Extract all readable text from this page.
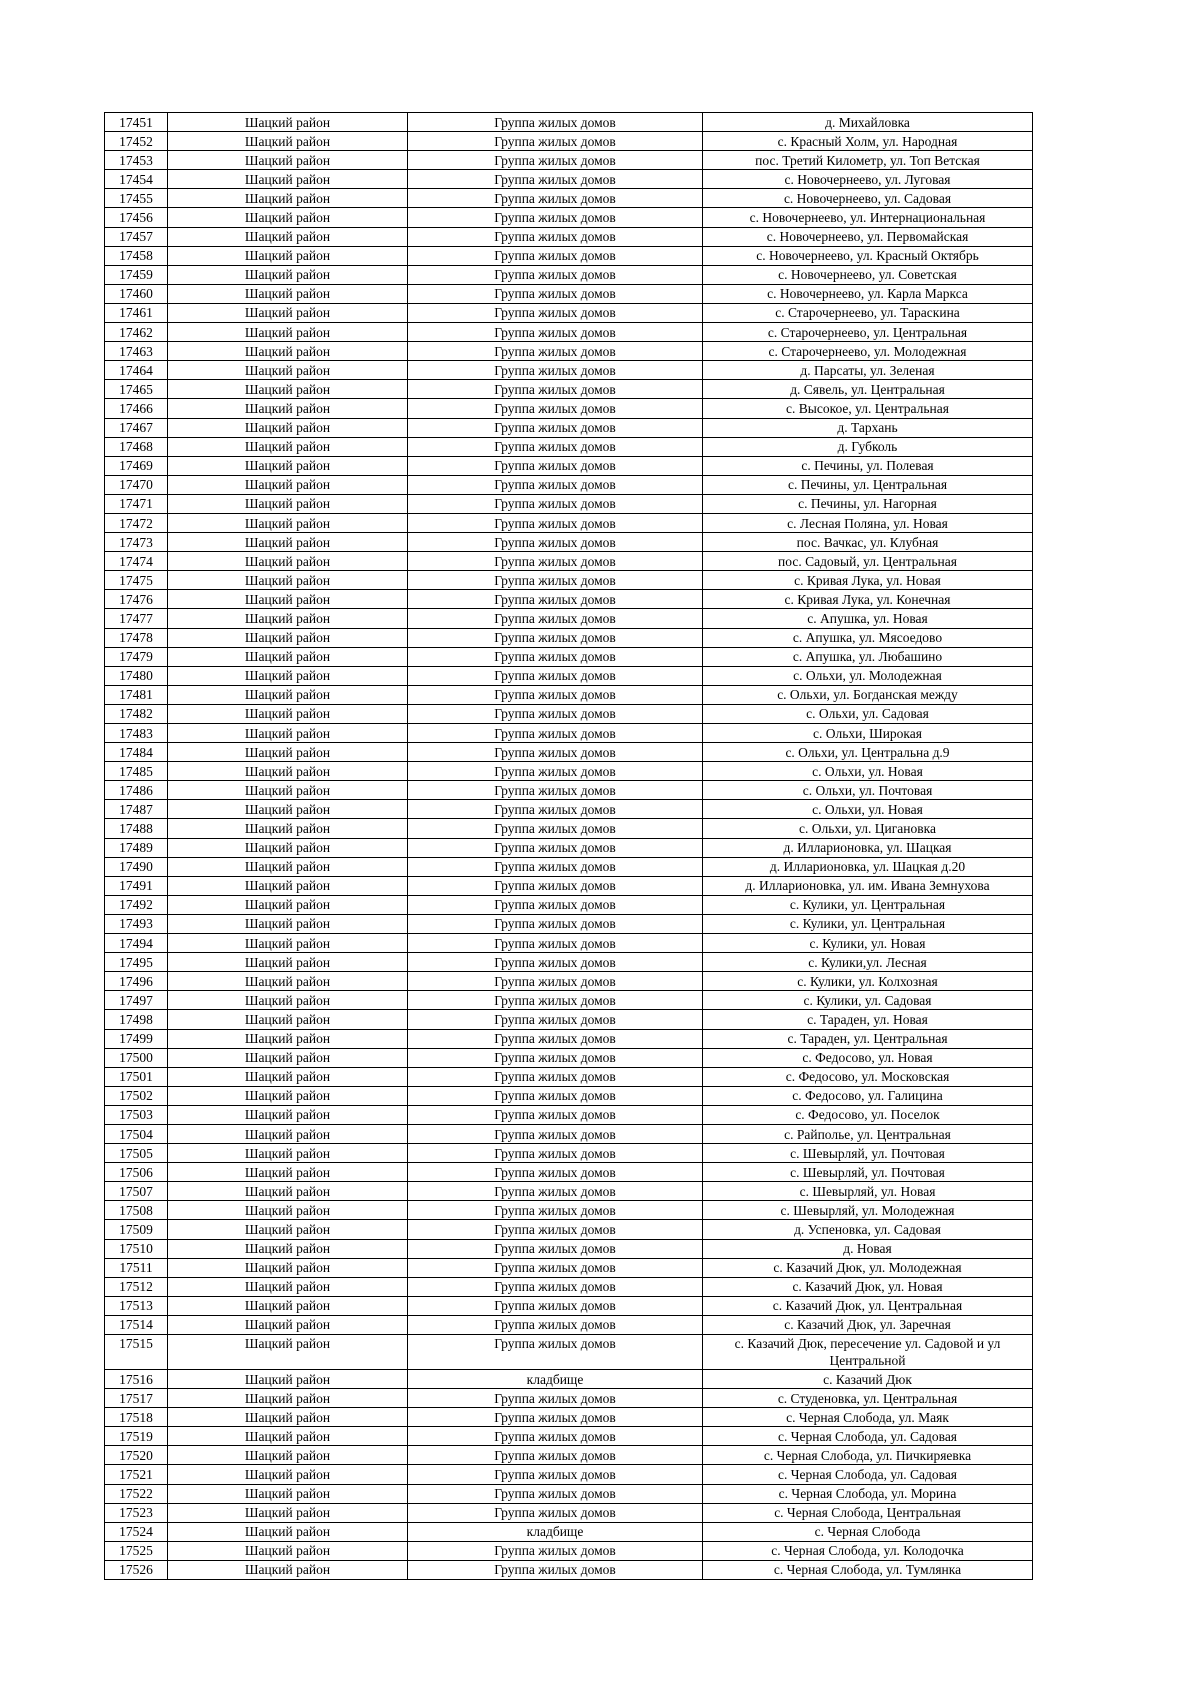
17451	Шацкий район	Группа жилых домов	д. Михайловка
17452	Шацкий район	Группа жилых домов	с. Красный Холм, ул. Народная
17453	Шацкий район	Группа жилых домов	пос. Третий Километр, ул. Топ Ветская
17454	Шацкий район	Группа жилых домов	с. Новочернеево, ул. Луговая
17455	Шацкий район	Группа жилых домов	с. Новочернеево, ул. Садовая
17456	Шацкий район	Группа жилых домов	с. Новочернеево, ул. Интернациональная
17457	Шацкий район	Группа жилых домов	с. Новочернеево, ул. Первомайская
17458	Шацкий район	Группа жилых домов	с. Новочернеево, ул. Красный Октябрь
17459	Шацкий район	Группа жилых домов	с. Новочернеево, ул. Советская
17460	Шацкий район	Группа жилых домов	с. Новочернеево, ул. Карла Маркса
17461	Шацкий район	Группа жилых домов	с. Старочернеево, ул. Тараскина
17462	Шацкий район	Группа жилых домов	с. Старочернеево, ул. Центральная
17463	Шацкий район	Группа жилых домов	с. Старочернеево, ул. Молодежная
17464	Шацкий район	Группа жилых домов	д. Парсаты, ул. Зеленая
17465	Шацкий район	Группа жилых домов	д. Сявель, ул. Центральная
17466	Шацкий район	Группа жилых домов	с. Высокое, ул. Центральная
17467	Шацкий район	Группа жилых домов	д. Тархань
17468	Шацкий район	Группа жилых домов	д. Губколь
17469	Шацкий район	Группа жилых домов	с. Печины, ул. Полевая
17470	Шацкий район	Группа жилых домов	с. Печины, ул. Центральная
17471	Шацкий район	Группа жилых домов	с. Печины, ул. Нагорная
17472	Шацкий район	Группа жилых домов	с. Лесная Поляна, ул. Новая
17473	Шацкий район	Группа жилых домов	пос. Вачкас, ул. Клубная
17474	Шацкий район	Группа жилых домов	пос. Садовый, ул. Центральная
17475	Шацкий район	Группа жилых домов	с. Кривая Лука, ул. Новая
17476	Шацкий район	Группа жилых домов	с. Кривая Лука, ул. Конечная
17477	Шацкий район	Группа жилых домов	с. Апушка, ул. Новая
17478	Шацкий район	Группа жилых домов	с. Апушка, ул. Мясоедово
17479	Шацкий район	Группа жилых домов	с. Апушка, ул. Любашино
17480	Шацкий район	Группа жилых домов	с. Ольхи, ул. Молодежная
17481	Шацкий район	Группа жилых домов	с. Ольхи, ул. Богданская между
17482	Шацкий район	Группа жилых домов	с. Ольхи, ул. Садовая
17483	Шацкий район	Группа жилых домов	с. Ольхи, Широкая
17484	Шацкий район	Группа жилых домов	с. Ольхи, ул. Центральна д.9
17485	Шацкий район	Группа жилых домов	с. Ольхи, ул. Новая
17486	Шацкий район	Группа жилых домов	с. Ольхи, ул. Почтовая
17487	Шацкий район	Группа жилых домов	с. Ольхи, ул. Новая
17488	Шацкий район	Группа жилых домов	с. Ольхи, ул. Циганoвка
17489	Шацкий район	Группа жилых домов	д. Илларионовка, ул. Шацкая
17490	Шацкий район	Группа жилых домов	д. Илларионовка, ул. Шацкая д.20
17491	Шацкий район	Группа жилых домов	д. Илларионовка, ул. им. Ивана Земнухова
17492	Шацкий район	Группа жилых домов	с. Кулики, ул. Центральная
17493	Шацкий район	Группа жилых домов	с. Кулики, ул. Центральная
17494	Шацкий район	Группа жилых домов	с. Кулики, ул. Новая
17495	Шацкий район	Группа жилых домов	с. Кулики,ул. Лесная
17496	Шацкий район	Группа жилых домов	с. Кулики, ул. Колхозная
17497	Шацкий район	Группа жилых домов	с. Кулики, ул. Садовая
17498	Шацкий район	Группа жилых домов	с. Тараден, ул. Новая
17499	Шацкий район	Группа жилых домов	с. Тараден, ул. Центральная
17500	Шацкий район	Группа жилых домов	с. Федосово, ул. Новая
17501	Шацкий район	Группа жилых домов	с. Федосово, ул. Московская
17502	Шацкий район	Группа жилых домов	с. Федосово, ул. Галицина
17503	Шацкий район	Группа жилых домов	с. Федосово, ул. Поселок
17504	Шацкий район	Группа жилых домов	с. Райполье, ул. Центральная
17505	Шацкий район	Группа жилых домов	с. Шевырляй, ул. Почтовая
17506	Шацкий район	Группа жилых домов	с. Шевырляй, ул. Почтовая
17507	Шацкий район	Группа жилых домов	с. Шевырляй, ул. Новая
17508	Шацкий район	Группа жилых домов	с. Шевырляй, ул. Молодежная
17509	Шацкий район	Группа жилых домов	д. Успеновка, ул. Садовая
17510	Шацкий район	Группа жилых домов	д. Новая
17511	Шацкий район	Группа жилых домов	с. Казачий Дюк, ул. Молодежная
17512	Шацкий район	Группа жилых домов	с. Казачий Дюк, ул. Новая
17513	Шацкий район	Группа жилых домов	с. Казачий Дюк, ул. Центральная
17514	Шацкий район	Группа жилых домов	с. Казачий Дюк, ул. Заречная
17515	Шацкий район	Группа жилых домов	с. Казачий Дюк, пересечение ул. Садовой и ул Центральной
17516	Шацкий район	кладбище	с. Казачий Дюк
17517	Шацкий район	Группа жилых домов	с. Студеновка, ул. Центральная
17518	Шацкий район	Группа жилых домов	с. Черная Слобода, ул. Маяк
17519	Шацкий район	Группа жилых домов	с. Черная Слобода, ул. Садовая
17520	Шацкий район	Группа жилых домов	с. Черная Слобода, ул. Пичкиряевка
17521	Шацкий район	Группа жилых домов	с. Черная Слобода, ул. Садовая
17522	Шацкий район	Группа жилых домов	с. Черная Слобода, ул. Морина
17523	Шацкий район	Группа жилых домов	с. Черная Слобода, Центральная
17524	Шацкий район	кладбище	с. Черная Слобода
17525	Шацкий район	Группа жилых домов	с. Черная Слобода, ул. Колодочка
17526	Шацкий район	Группа жилых домов	с. Черная Слобода, ул. Тумлянка
